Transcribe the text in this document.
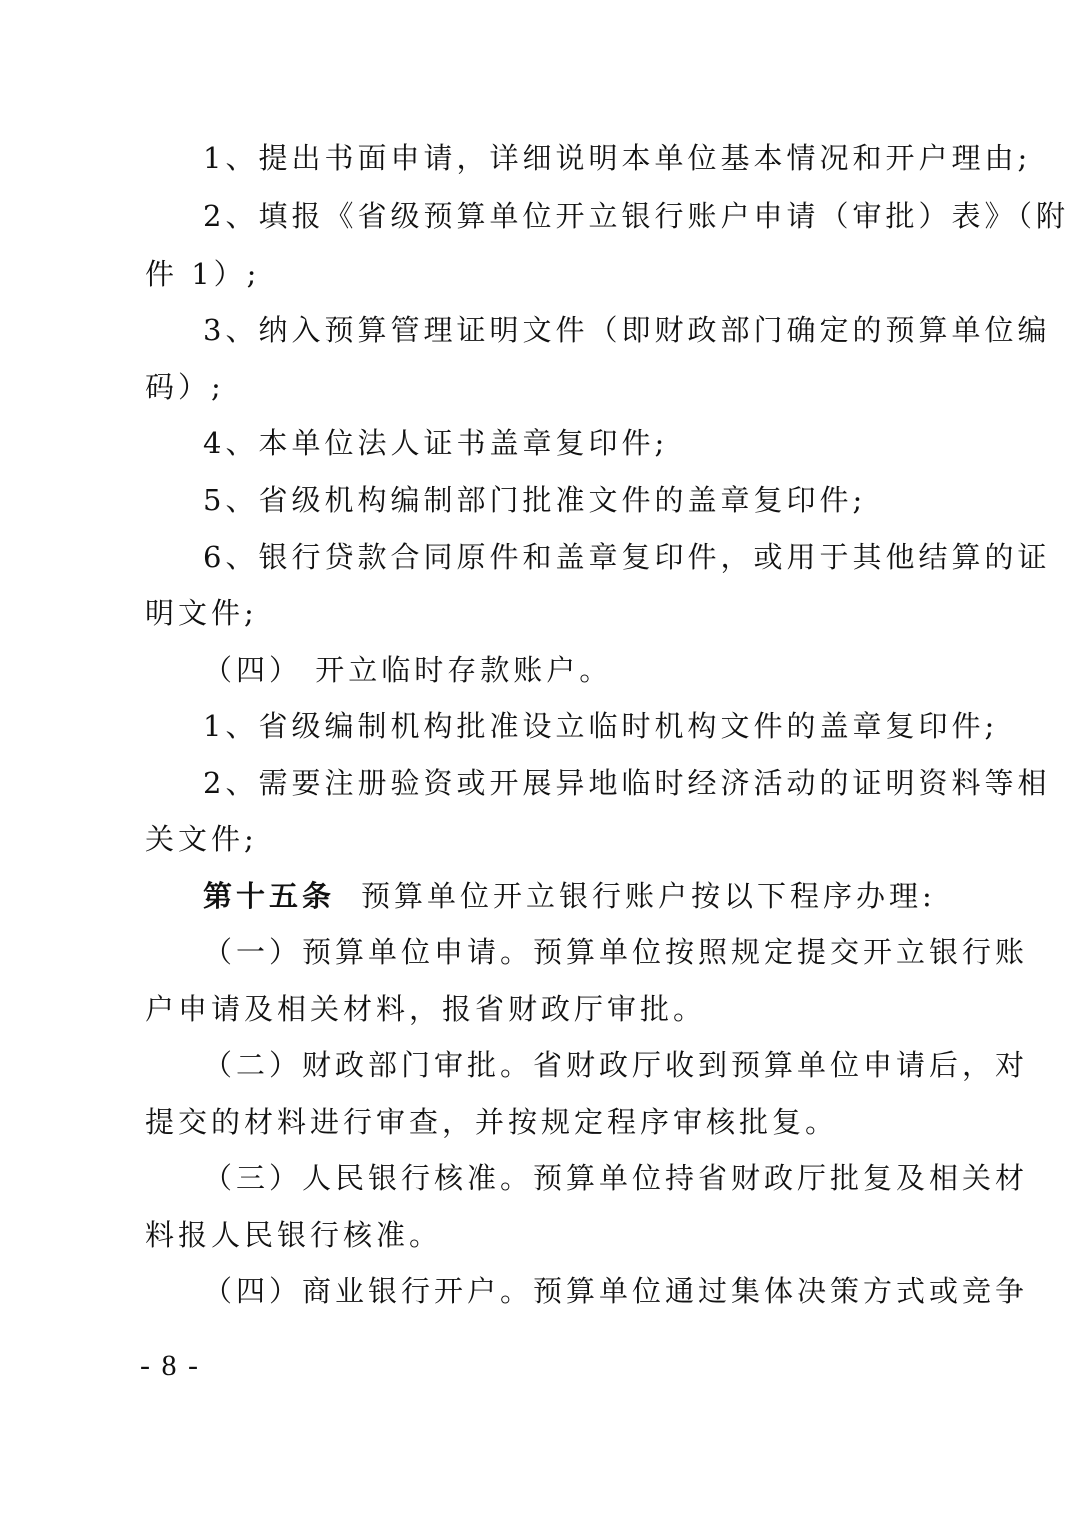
1、提出书面申请，详细说明本单位基本情况和开户理由;
2、填报《省级预算单位开立银行账户申请（审批）表》（附
件 1）;
3、纳入预算管理证明文件（即财政部门确定的预算单位编
码）;
4、本单位法人证书盖章复印件;
5、省级机构编制部门批准文件的盖章复印件;
6、银行贷款合同原件和盖章复印件，或用于其他结算的证
明文件;
（四） 开立临时存款账户。
1、省级编制机构批准设立临时机构文件的盖章复印件;
2、需要注册验资或开展异地临时经济活动的证明资料等相
关文件;
第十五条 预算单位开立银行账户按以下程序办理:
（一）预算单位申请。预算单位按照规定提交开立银行账
户申请及相关材料，报省财政厅审批。
（二）财政部门审批。省财政厅收到预算单位申请后，对
提交的材料进行审查，并按规定程序审核批复。
（三）人民银行核准。预算单位持省财政厅批复及相关材
料报人民银行核准。
（四）商业银行开户。预算单位通过集体决策方式或竞争
- 8 -
